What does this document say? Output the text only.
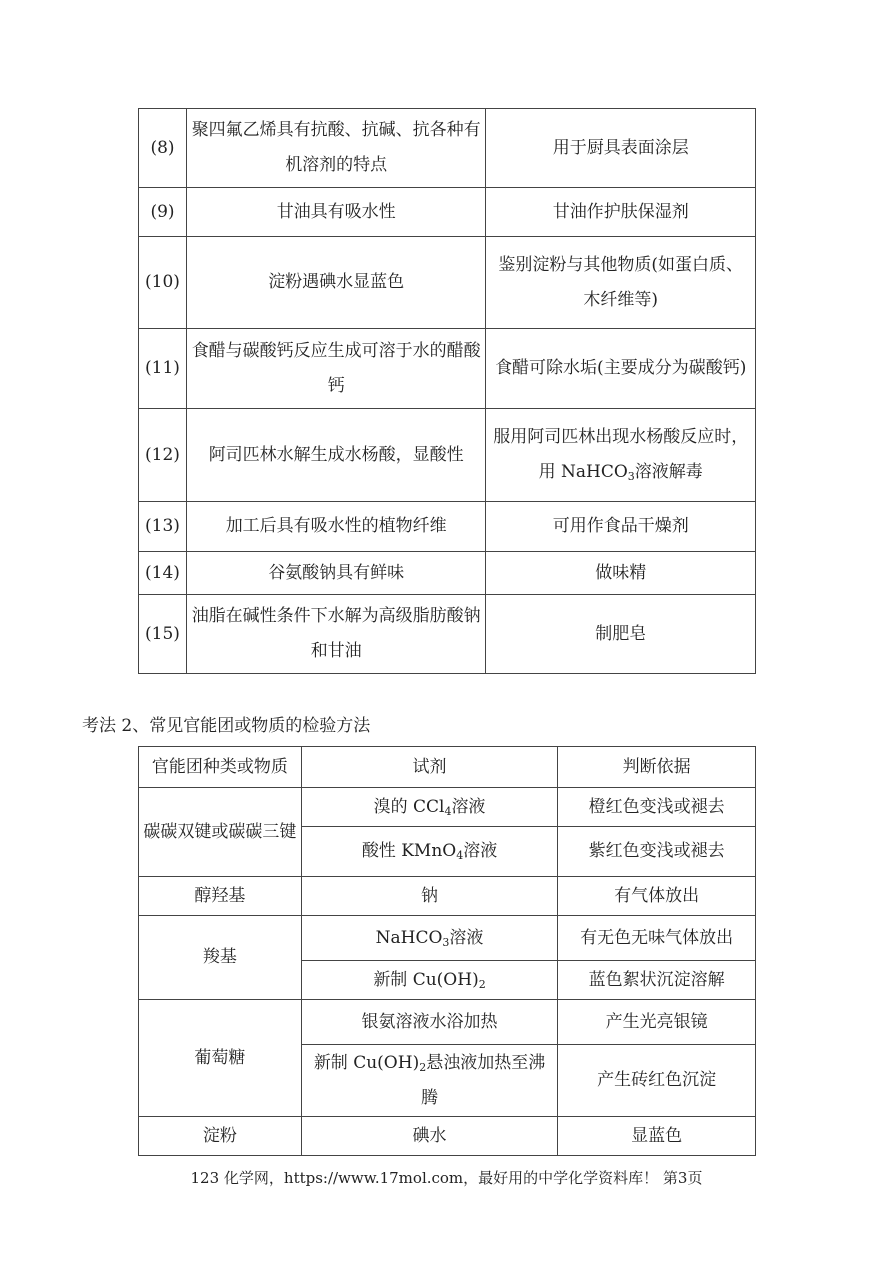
(8)	聚四氟乙烯具有抗酸、抗碱、抗各种有机溶剂的特点	用于厨具表面涂层
(9)	甘油具有吸水性	甘油作护肤保湿剂
(10)	淀粉遇碘水显蓝色	鉴别淀粉与其他物质(如蛋白质、木纤维等)
(11)	食醋与碳酸钙反应生成可溶于水的醋酸钙	食醋可除水垢(主要成分为碳酸钙)
(12)	阿司匹林水解生成水杨酸，显酸性	服用阿司匹林出现水杨酸反应时，用 NaHCO$_3$溶液解毒
(13)	加工后具有吸水性的植物纤维	可用作食品干燥剂
(14)	谷氨酸钠具有鲜味	做味精
(15)	油脂在碱性条件下水解为高级脂肪酸钠和甘油	制肥皂
考法 2、常见官能团或物质的检验方法
官能团种类或物质	试剂	判断依据
碳碳双键或碳碳三键	溴的 CCl$_4$溶液	橙红色变浅或褪去
	酸性 KMnO$_4$溶液	紫红色变浅或褪去
醇羟基	钠	有气体放出
羧基	NaHCO$_3$溶液	有无色无味气体放出
	新制 $Cu(OH)_2$	蓝色絮状沉淀溶解
葡萄糖	银氨溶液水浴加热	产生光亮银镜
	新制 $Cu(OH)_2$悬浊液加热至沸腾	产生砖红色沉淀
淀粉	碘水	显蓝色
123 化学网，https://www.17mol.com，最好用的中学化学资料库！ 第3页
